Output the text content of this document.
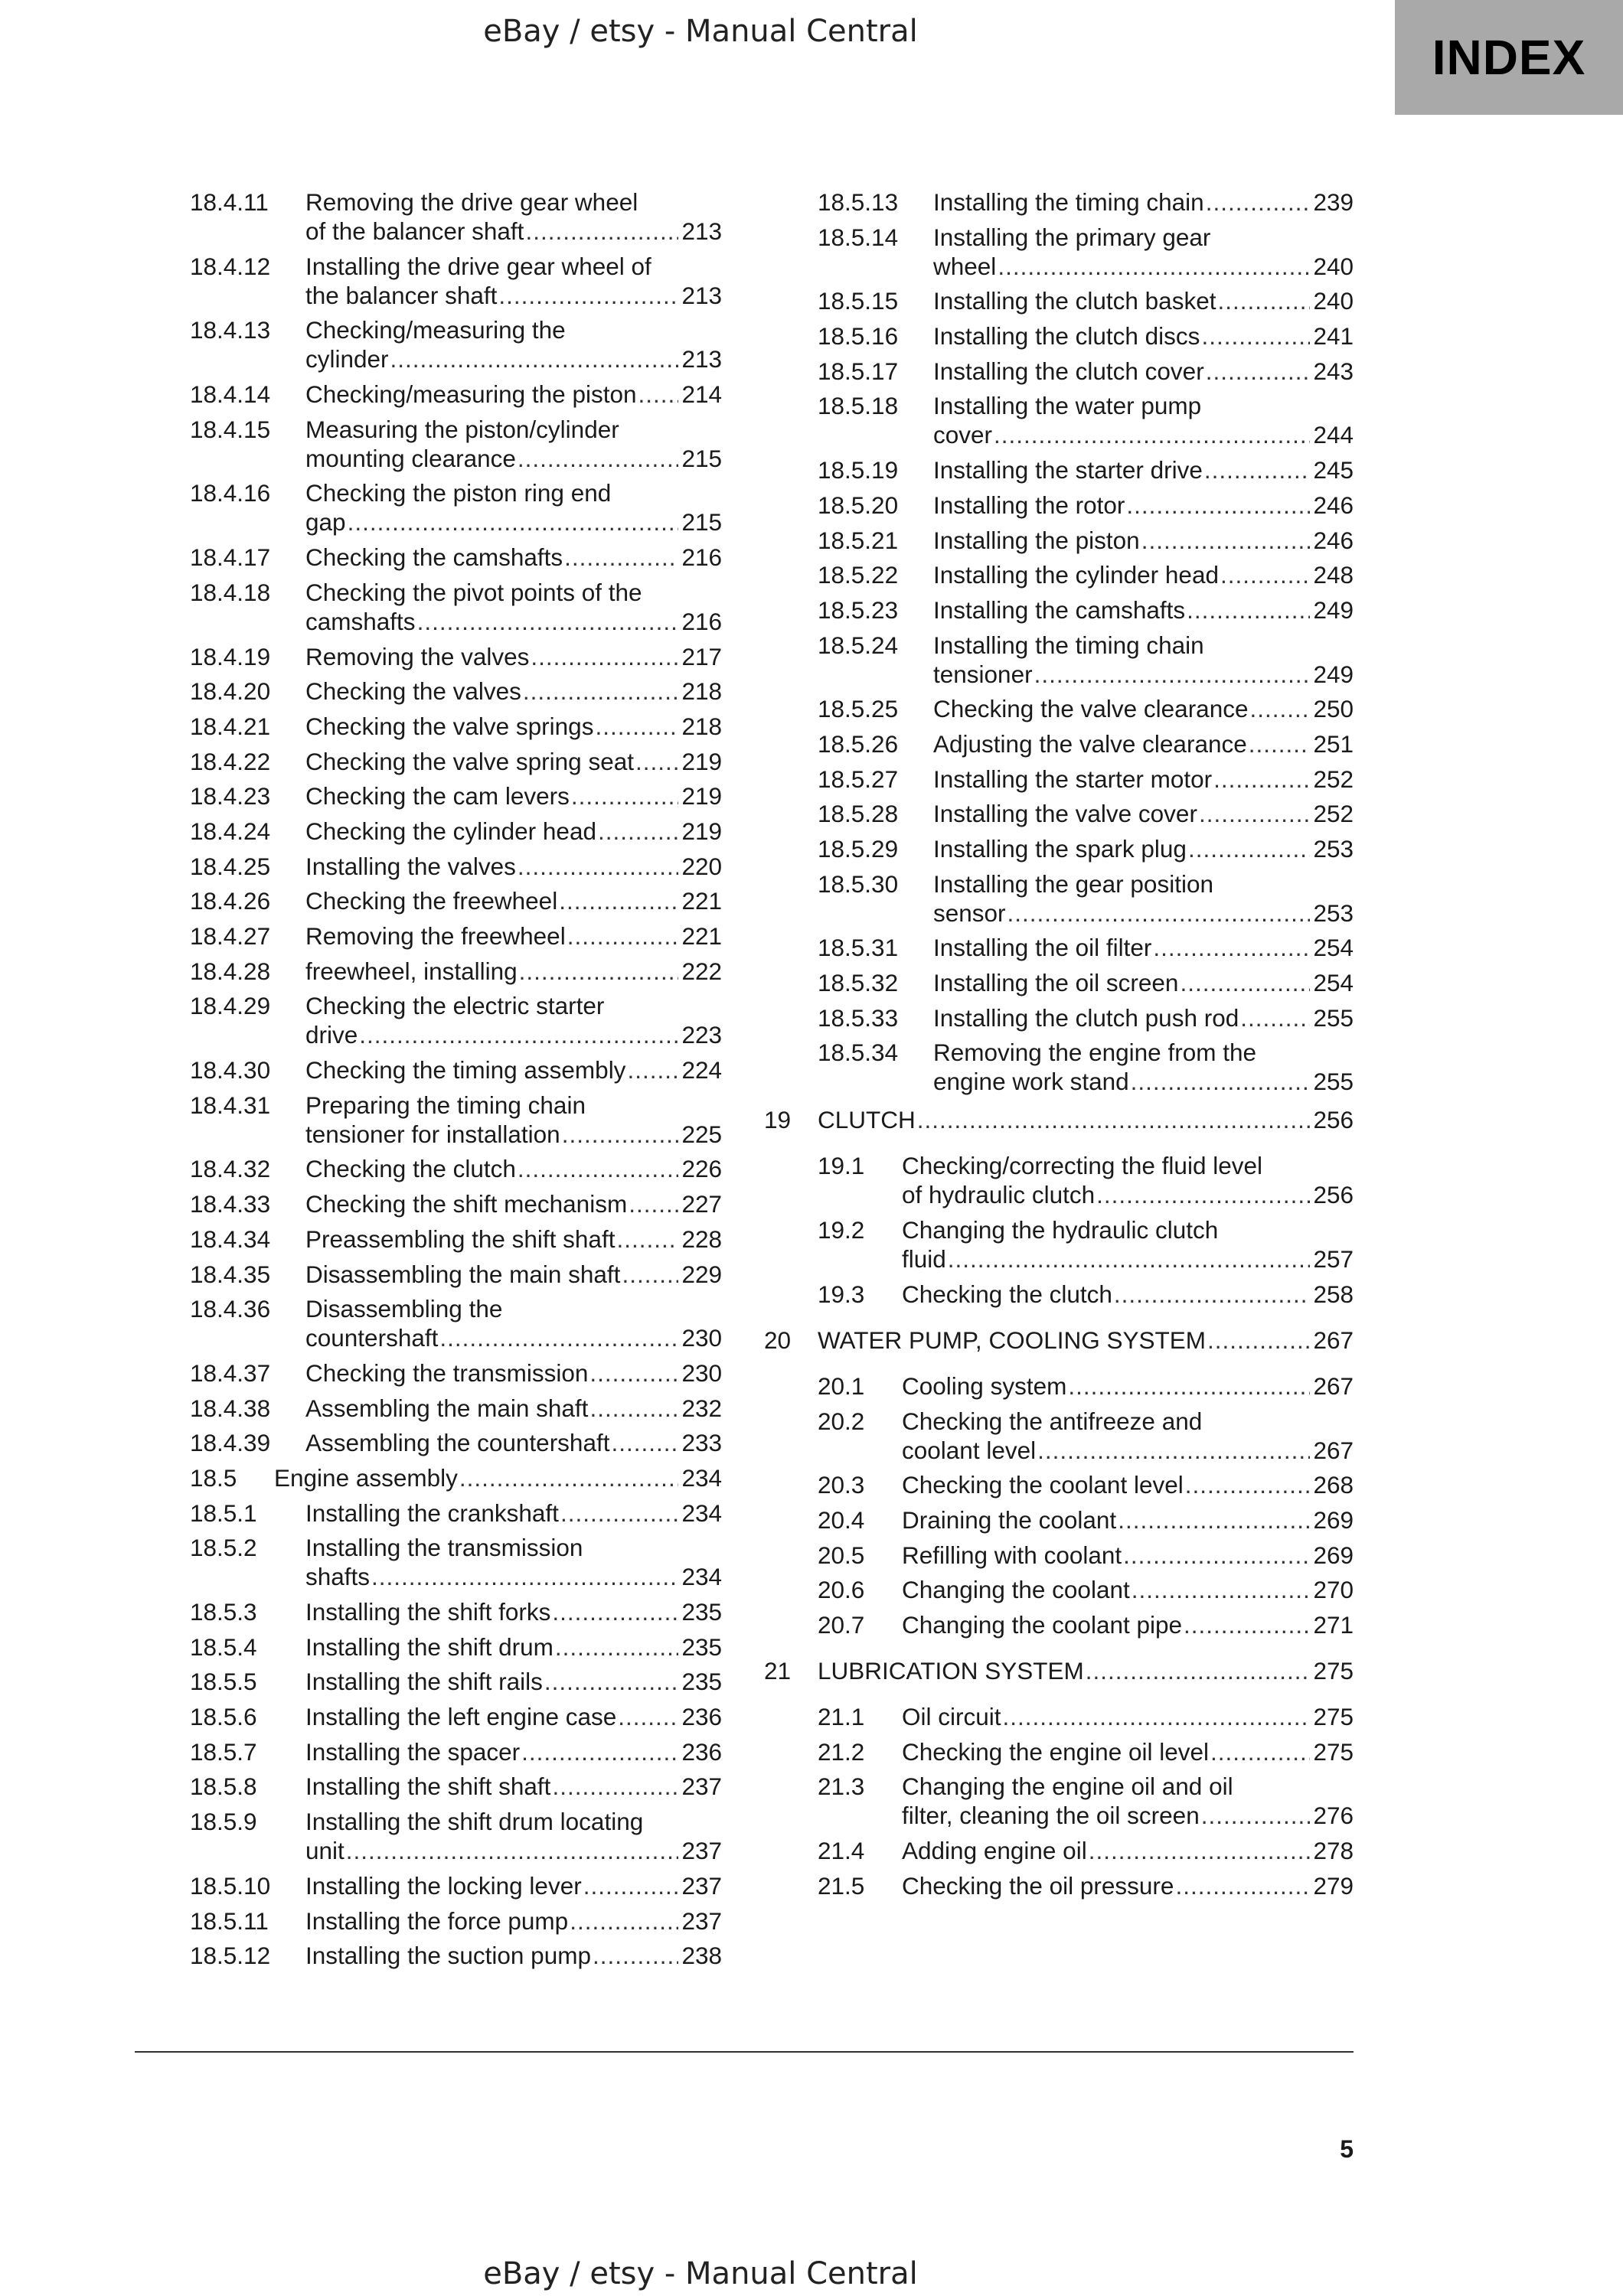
eBay / etsy - Manual Central	INDEX
18.4.11	Removing the drive gear wheel
of the balancer shaft .....	213
18.4.12	Installing the drive gear wheel of
the balancer shaft .....	213
18.4.13	Checking/measuring the
cylinder .....	213
18.4.14	Checking/measuring the piston ..... 214
18.4.15	Measuring the piston/cylinder
mounting clearance .....	215
18.4.16	Checking the piston ring end
gap .....	215
18.4.17	Checking the camshafts .....	216
18.4.18	Checking the pivot points of the
camshafts .....	216
18.4.19	Removing the valves .....	217
18.4.20	Checking the valves .....	218
18.4.21	Checking the valve springs .....	218
18.4.22	Checking the valve spring seat ..... 219
18.4.23	Checking the cam levers .....	219
18.4.24	Checking the cylinder head .....	219
18.4.25	Installing the valves .....	220
18.4.26	Checking the freewheel .....	221
18.4.27	Removing the freewheel .....	221
18.4.28	freewheel, installing .....	222
18.4.29	Checking the electric starter
drive .....	223
18.4.30	Checking the timing assembly ..... 224
18.4.31	Preparing the timing chain
tensioner for installation .....	225
18.4.32	Checking the clutch .....	226
18.4.33	Checking the shift mechanism ..... 227
18.4.34	Preassembling the shift shaft .....	228
18.4.35	Disassembling the main shaft .....	229
18.4.36	Disassembling the
countershaft .....	230
18.4.37	Checking the transmission .....	230
18.4.38	Assembling the main shaft .....	232
18.4.39	Assembling the countershaft .....	233
18.5	Engine assembly .....	234
18.5.1	Installing the crankshaft .....	234
18.5.2	Installing the transmission
shafts .....	234
18.5.3	Installing the shift forks .....	235
18.5.4	Installing the shift drum .....	235
18.5.5	Installing the shift rails .....	235
18.5.6	Installing the left engine case .....	236
18.5.7	Installing the spacer .....	236
18.5.8	Installing the shift shaft .....	237
18.5.9	Installing the shift drum locating
unit .....	237
18.5.10	Installing the locking lever .....	237
18.5.11	Installing the force pump .....	237
18.5.12	Installing the suction pump .....	238
18.5.13	Installing the timing chain .....	239
18.5.14	Installing the primary gear
wheel .....	240
18.5.15	Installing the clutch basket .....	240
18.5.16	Installing the clutch discs .....	241
18.5.17	Installing the clutch cover .....	243
18.5.18	Installing the water pump
cover .....	244
18.5.19	Installing the starter drive .....	245
18.5.20	Installing the rotor .....	246
18.5.21	Installing the piston .....	246
18.5.22	Installing the cylinder head .....	248
18.5.23	Installing the camshafts .....	249
18.5.24	Installing the timing chain
tensioner .....	249
18.5.25	Checking the valve clearance .....	250
18.5.26	Adjusting the valve clearance .....	251
18.5.27	Installing the starter motor .....	252
18.5.28	Installing the valve cover .....	252
18.5.29	Installing the spark plug .....	253
18.5.30	Installing the gear position
sensor .....	253
18.5.31	Installing the oil filter .....	254
18.5.32	Installing the oil screen .....	254
18.5.33	Installing the clutch push rod .....	255
18.5.34	Removing the engine from the
engine work stand .....	255
19	CLUTCH .....	256
19.1	Checking/correcting the fluid level
of hydraulic clutch .....	256
19.2	Changing the hydraulic clutch
fluid .....	257
19.3	Checking the clutch .....	258
20	WATER PUMP, COOLING SYSTEM .....	267
20.1	Cooling system .....	267
20.2	Checking the antifreeze and
coolant level .....	267
20.3	Checking the coolant level .....	268
20.4	Draining the coolant .....	269
20.5	Refilling with coolant .....	269
20.6	Changing the coolant .....	270
20.7	Changing the coolant pipe .....	271
21	LUBRICATION SYSTEM .....	275
21.1	Oil circuit .....	275
21.2	Checking the engine oil level .....	275
21.3	Changing the engine oil and oil
filter, cleaning the oil screen .....	276
21.4	Adding engine oil .....	278
21.5	Checking the oil pressure .....	279
5
eBay / etsy - Manual Central
